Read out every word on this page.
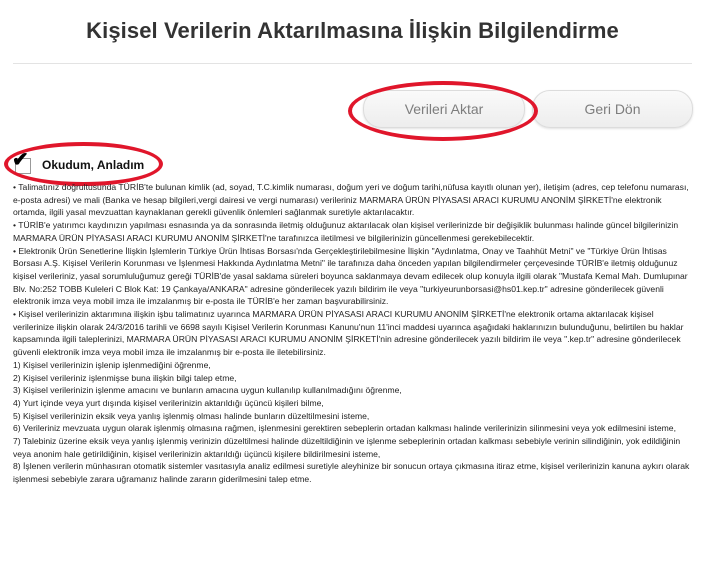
Kişisel Verilerin Aktarılmasına İlişkin Bilgilendirme
Verileri Aktar	Geri Dön
✔ Okudum, Anladım

• Talimatınız doğrultusunda TÜRİB'te bulunan kimlik (ad, soyad, T.C.kimlik numarası, doğum yeri ve doğum tarihi,nüfusa kayıtlı olunan yer), iletişim (adres, cep telefonu numarası, e-posta adresi) ve mali (Banka ve hesap bilgileri,vergi dairesi ve vergi numarası) verileriniz MARMARA ÜRÜN PİYASASI ARACI KURUMU ANONİM ŞİRKETİ'ne elektronik ortamda, ilgili yasal mevzuattan kaynaklanan gerekli güvenlik önlemleri sağlanmak suretiyle aktarılacaktır.

• TÜRİB'e yatırımcı kaydınızın yapılması esnasında ya da sonrasında iletmiş olduğunuz aktarılacak olan kişisel verilerinizde bir değişiklik bulunması halinde güncel bilgilerinizin MARMARA ÜRÜN PİYASASI ARACI KURUMU ANONİM ŞİRKETİ'ne tarafınızca iletilmesi ve bilgilerinizin güncellenmesi gerekebilecektir.

• Elektronik Ürün Senetlerine İlişkin İşlemlerin Türkiye Ürün İhtisas Borsası'nda Gerçekleştirilebilmesine İlişkin "Aydınlatma, Onay ve Taahhüt Metni" ve "Türkiye Ürün İhtisas Borsası A.Ş. Kişisel Verilerin Korunması ve İşlenmesi Hakkında Aydınlatma Metni" ile tarafınıza daha önceden yapılan bilgilendirmeler çerçevesinde TÜRİB'e iletmiş olduğunuz kişisel verileriniz, yasal sorumluluğumuz gereği TÜRİB'de yasal saklama süreleri boyunca saklanmaya devam edilecek olup konuyla ilgili olarak "Mustafa Kemal Mah. Dumlupınar Blv. No:252 TOBB Kuleleri C Blok Kat: 19 Çankaya/ANKARA" adresine gönderilecek yazılı bildirim ile veya "turkiyeurunborsasi@hs01.kep.tr" adresine gönderilecek güvenli elektronik imza veya mobil imza ile imzalanmış bir e-posta ile TÜRİB'e her zaman başvurabilirsiniz.

• Kişisel verilerinizin aktarımına ilişkin işbu talimatınız uyarınca MARMARA ÜRÜN PİYASASI ARACI KURUMU ANONİM ŞİRKETİ'ne elektronik ortama aktarılacak kişisel verilerinize ilişkin olarak 24/3/2016 tarihli ve 6698 sayılı Kişisel Verilerin Korunması Kanunu'nun 11'inci maddesi uyarınca aşağıdaki haklarınızın bulunduğunu, belirtilen bu haklar kapsamında ilgili taleplerinizi, MARMARA ÜRÜN PİYASASI ARACI KURUMU ANONİM ŞİRKETİ'nin adresine gönderilecek yazılı bildirim ile veya ".kep.tr" adresine gönderilecek güvenli elektronik imza veya mobil imza ile imzalanmış bir e-posta ile iletebilirsiniz.

1) Kişisel verilerinizin işlenip işlenmediğini öğrenme,

2) Kişisel verileriniz işlenmişse buna ilişkin bilgi talep etme,

3) Kişisel verilerinizin işlenme amacını ve bunların amacına uygun kullanılıp kullanılmadığını öğrenme,

4) Yurt içinde veya yurt dışında kişisel verilerinizin aktarıldığı üçüncü kişileri bilme,

5) Kişisel verilerinizin eksik veya yanlış işlenmiş olması halinde bunların düzeltilmesini isteme,

6) Verileriniz mevzuata uygun olarak işlenmiş olmasına rağmen, işlenmesini gerektiren sebeplerin ortadan kalkması halinde verilerinizin silinmesini veya yok edilmesini isteme,

7) Talebiniz üzerine eksik veya yanlış işlenmiş verinizin düzeltilmesi halinde düzeltildiğinin ve işlenme sebeplerinin ortadan kalkması sebebiyle verinin silindiğinin, yok edildiğinin veya anonim hale getirildiğinin, kişisel verilerinizin aktarıldığı üçüncü kişilere bildirilmesini isteme,

8) İşlenen verilerin münhasıran otomatik sistemler vasıtasıyla analiz edilmesi suretiyle aleyhinize bir sonucun ortaya çıkmasına itiraz etme, kişisel verilerinizin kanuna aykırı olarak işlenmesi sebebiyle zarara uğramanız halinde zararın giderilmesini talep etme.
